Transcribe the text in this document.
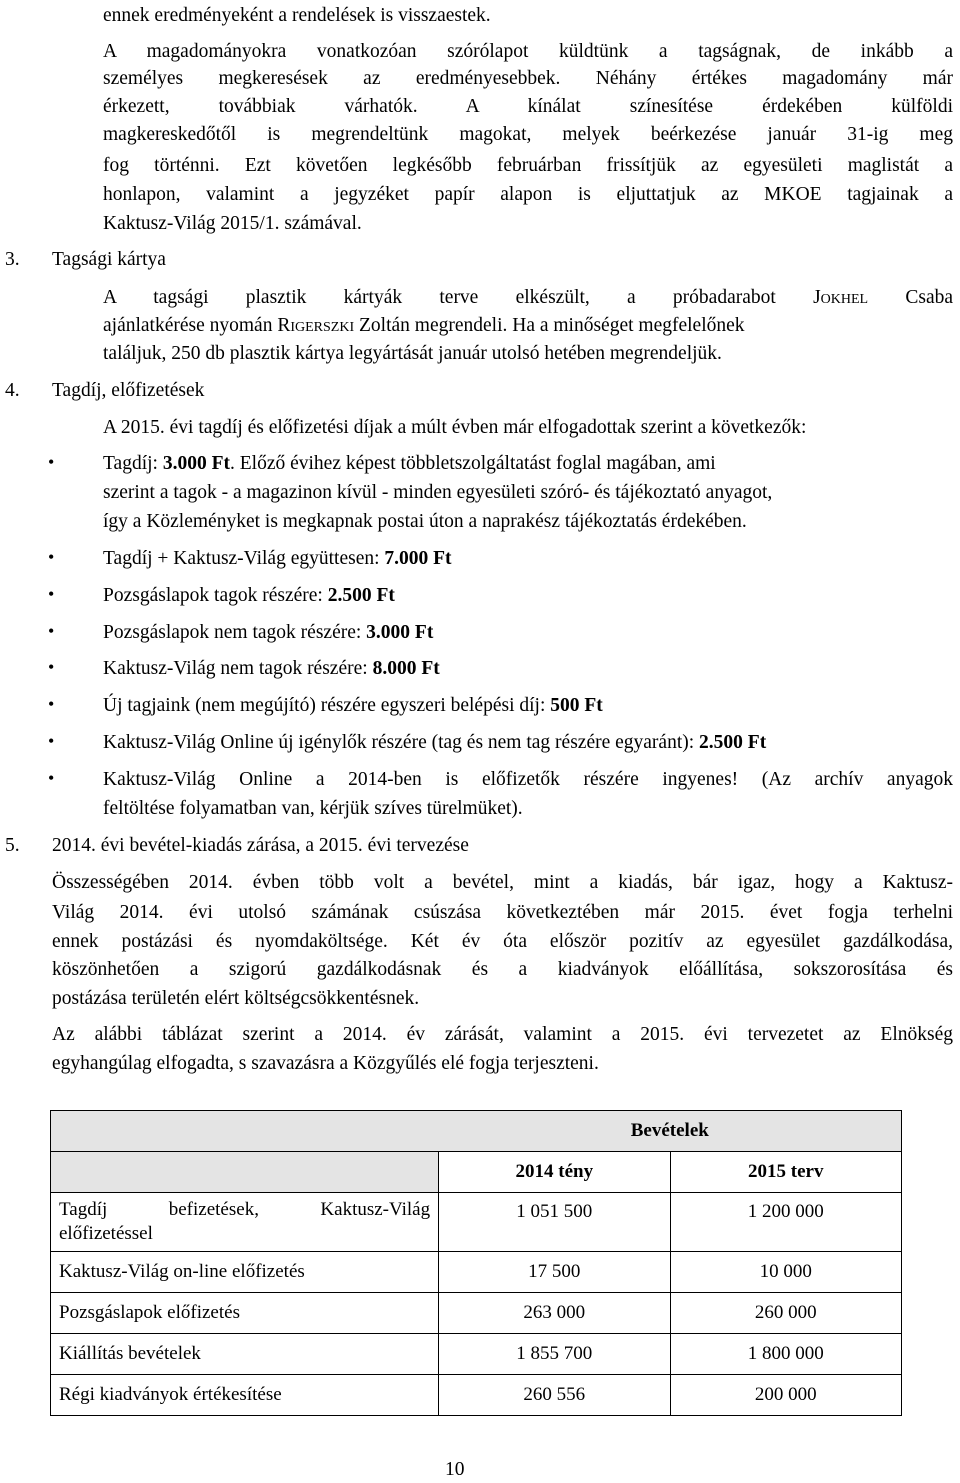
ennek eredményeként a rendelések is visszaestek.
A magadományokra vonatkozóan szórólapot küldtünk a tagságnak, de inkább a
személyes megkeresések az eredményesebbek. Néhány értékes magadomány már
érkezett, továbbiak várhatók. A kínálat színesítése érdekében külföldi
magkereskedőtől is megrendeltünk magokat, melyek beérkezése január 31-ig meg
fog történni. Ezt követően legkésőbb februárban frissítjük az egyesületi maglistát a
honlapon, valamint a jegyzéket papír alapon is eljuttatjuk az MKOE tagjainak a
Kaktusz-Világ 2015/1. számával.
3. Tagsági kártya
A tagsági plasztik kártyák terve elkészült, a próbadarabot Jokhel Csaba
ajánlatkérése nyomán Rigerszki Zoltán megrendeli. Ha a minőséget megfelelőnek
találjuk, 250 db plasztik kártya legyártását január utolsó hetében megrendeljük.
4. Tagdíj, előfizetések
A 2015. évi tagdíj és előfizetési díjak a múlt évben már elfogadottak szerint a következők:
• Tagdíj: 3.000 Ft. Előző évihez képest többletszolgáltatást foglal magában, ami
szerint a tagok - a magazinon kívül - minden egyesületi szóró- és tájékoztató anyagot,
így a Közleményket is megkapnak postai úton a naprakész tájékoztatás érdekében.
• Tagdíj + Kaktusz-Világ együttesen: 7.000 Ft
• Pozsgáslapok tagok részére: 2.500 Ft
• Pozsgáslapok nem tagok részére: 3.000 Ft
• Kaktusz-Világ nem tagok részére: 8.000 Ft
• Új tagjaink (nem megújító) részére egyszeri belépési díj: 500 Ft
• Kaktusz-Világ Online új igénylők részére (tag és nem tag részére egyaránt): 2.500 Ft
• Kaktusz-Világ Online a 2014-ben is előfizetők részére ingyenes! (Az archív anyagok
feltöltése folyamatban van, kérjük szíves türelmüket).
5. 2014. évi bevétel-kiadás zárása, a 2015. évi tervezése
Összességében 2014. évben több volt a bevétel, mint a kiadás, bár igaz, hogy a Kaktusz-
Világ 2014. évi utolsó számának csúszása következtében már 2015. évet fogja terhelni
ennek postázási és nyomdaköltsége. Két év óta először pozitív az egyesület gazdálkodása,
köszönhetően a szigorú gazdálkodásnak és a kiadványok előállítása, sokszorosítása és
postázása területén elért költségcsökkentésnek.
Az alábbi táblázat szerint a 2014. év zárását, valamint a 2015. évi tervezetet az Elnökség
egyhangúlag elfogadta, s szavazásra a Közgyűlés elé fogja terjeszteni.
	Bevételek	
	2014 tény	2015 terv

Tagdíj befizetések, Kaktusz-Világ
előfizetéssel	1 051 500	1 200 000
Kaktusz-Világ on-line előfizetés	17 500	10 000
Pozsgáslapok előfizetés	263 000	260 000
Kiállítás bevételek	1 855 700	1 800 000
Régi kiadványok értékesítése	260 556	200 000
10
